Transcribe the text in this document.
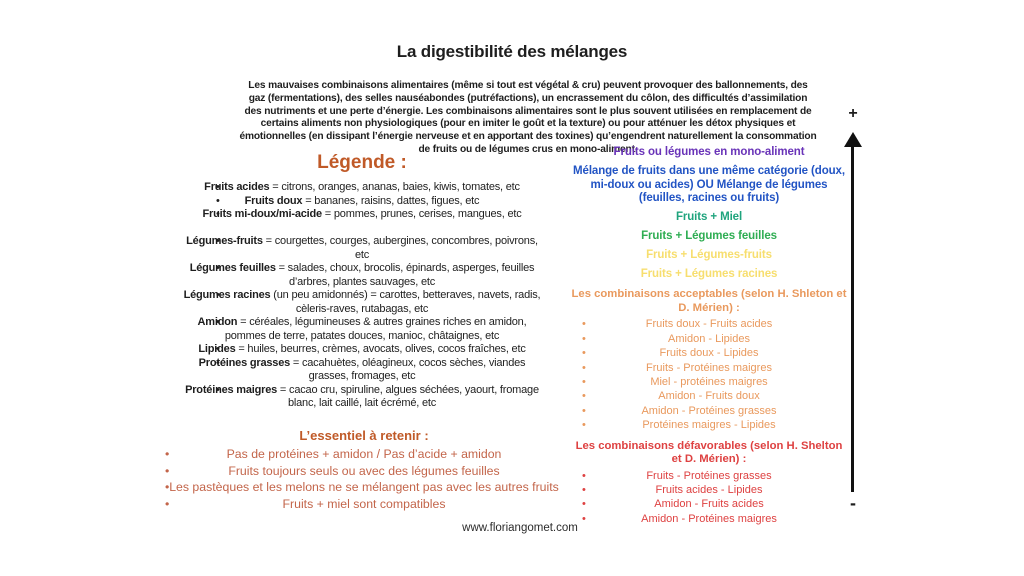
La digestibilité des mélanges

Les mauvaises combinaisons alimentaires (même si tout est végétal & cru) peuvent provoquer des ballonnements, des gaz (fermentations), des selles nauséabondes (putréfactions), un encrassement du côlon, des difficultés d’assimilation des nutriments et une perte d’énergie. Les combinaisons alimentaires sont le plus souvent utilisées en remplacement de certains aliments non physiologiques (pour en imiter le goût et la texture) ou pour atténuer les détox physiques et émotionnelles (en dissipant l’énergie nerveuse et en apportant des toxines) qu’engendrent naturellement la consommation de fruits ou de légumes crus en mono-aliment.

Légende :
• Fruits acides = citrons, oranges, ananas, baies, kiwis, tomates, etc
• Fruits doux = bananes, raisins, dattes, figues, etc
• Fruits mi-doux/mi-acide = pommes, prunes, cerises, mangues, etc
• Légumes-fruits = courgettes, courges, aubergines, concombres, poivrons, etc
• Légumes feuilles = salades, choux, brocolis, épinards, asperges, feuilles d’arbres, plantes sauvages, etc
• Légumes racines (un peu amidonnés) = carottes, betteraves, navets, radis, cèleris-raves, rutabagas, etc
• Amidon = céréales, légumineuses & autres graines riches en amidon, pommes de terre, patates douces, manioc, châtaignes, etc
• Lipides = huiles, beurres, crèmes, avocats, olives, cocos fraîches, etc
• Protéines grasses = cacahuètes, oléagineux, cocos sèches, viandes grasses, fromages, etc
• Protéines maigres = cacao cru, spiruline, algues séchées, yaourt, fromage blanc, lait caillé, lait écrémé, etc
L’essentiel à retenir :
• Pas de protéines + amidon / Pas d’acide + amidon
• Fruits toujours seuls ou avec des légumes feuilles
• Les pastèques et les melons ne se mélangent pas avec les autres fruits
• Fruits + miel sont compatibles
Fruits ou légumes en mono-aliment
Mélange de fruits dans une même catégorie (doux, mi-doux ou acides) OU Mélange de légumes (feuilles, racines ou fruits)
Fruits + Miel
Fruits + Légumes feuilles
Fruits + Légumes-fruits
Fruits + Légumes racines
Les combinaisons acceptables (selon H. Shleton et D. Mérien) :
• Fruits doux - Fruits acides
• Amidon - Lipides
• Fruits doux - Lipides
• Fruits - Protéines maigres
• Miel - protéines maigres
• Amidon - Fruits doux
• Amidon - Protéines grasses
• Protéines maigres - Lipides
Les combinaisons défavorables (selon H. Shelton et D. Mérien) :
• Fruits - Protéines grasses
• Fruits acides - Lipides
• Amidon - Fruits acides
• Amidon - Protéines maigres
+
-
www.floriangomet.com
